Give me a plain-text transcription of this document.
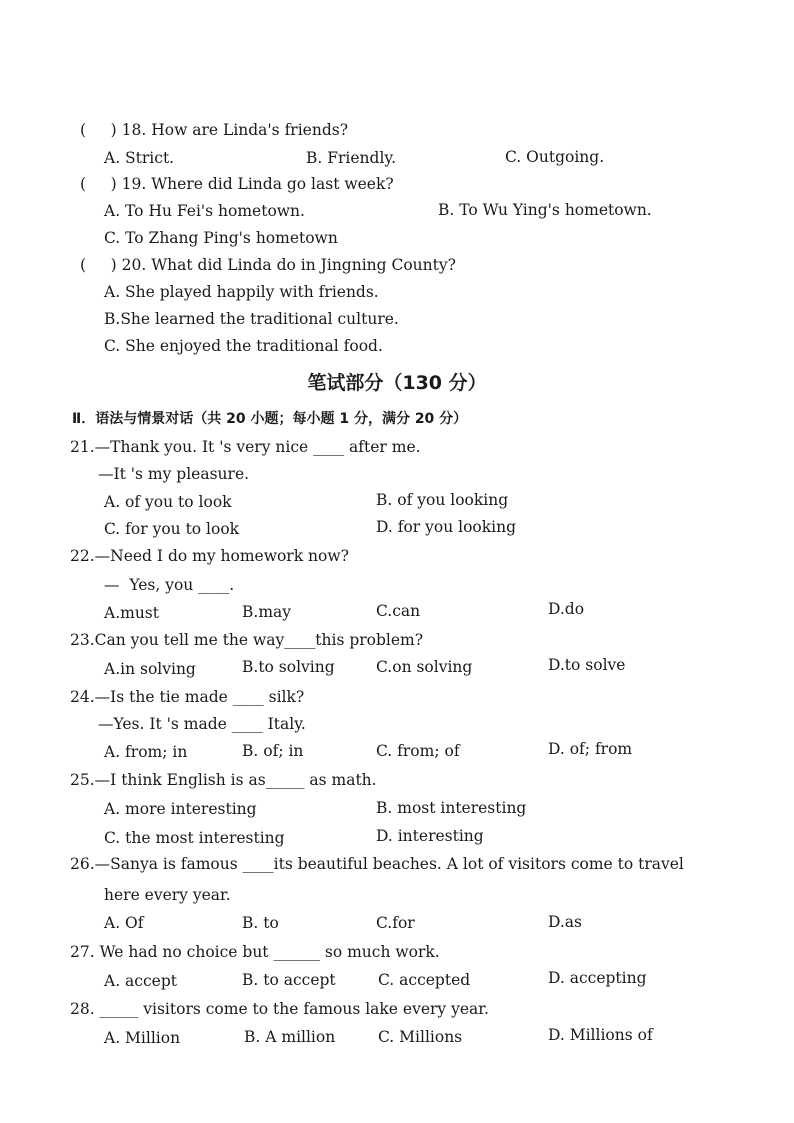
(     ) 18. How are Linda's friends?
A. Strict.	B. Friendly.	C. Outgoing.
(     ) 19. Where did Linda go last week?
A. To Hu Fei's hometown.	B. To Wu Ying's hometown.
C. To Zhang Ping's hometown
(     ) 20. What did Linda do in Jingning County?
A. She played happily with friends.
B.She learned the traditional culture.
C. She enjoyed the traditional food.
笔试部分（130 分）
Ⅱ．语法与情景对话（共 20 小题；每小题 1 分，满分 20 分）
21.—Thank you. It 's very nice ____ after me.
—It 's my pleasure.
A. of you to look	B. of you looking
C. for you to look	D. for you looking
22.—Need I do my homework now?
—  Yes, you ____.
A.must	B.may	C.can	D.do
23.Can you tell me the way____this problem?
A.in solving	B.to solving	C.on solving	D.to solve
24.—Is the tie made ____ silk?
—Yes. It 's made ____ Italy.
A. from; in	B. of; in	C. from; of	D. of; from
25.—I think English is as_____ as math.
A. more interesting	B. most interesting
C. the most interesting	D. interesting
26.—Sanya is famous ____its beautiful beaches. A lot of visitors come to travel
here every year.
A. Of	B. to	C.for	D.as
27. We had no choice but ______ so much work.
A. accept	B. to accept	C. accepted	D. accepting
28. _____ visitors come to the famous lake every year.
A. Million	B. A million	C. Millions	D. Millions of
